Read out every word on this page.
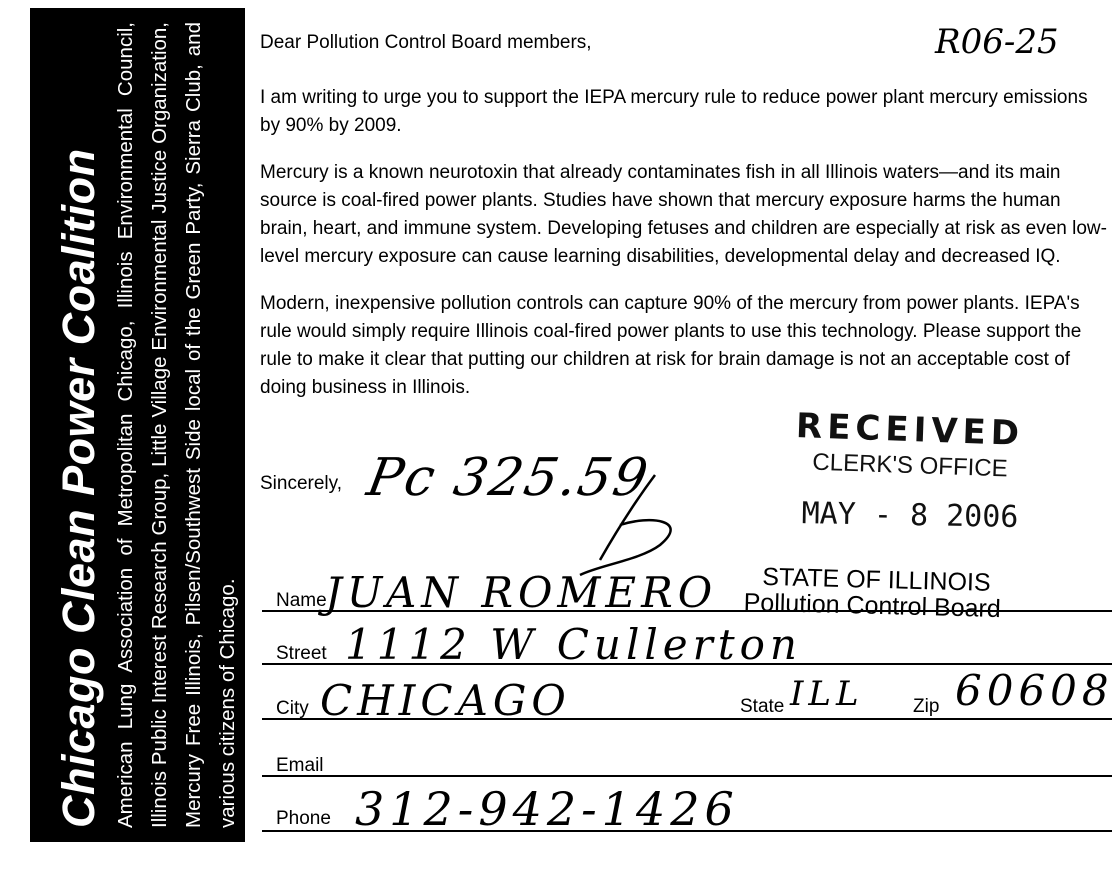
Chicago Clean Power Coalition American Lung Association of Metropolitan Chicago, Illinois Environmental Council, Illinois Public Interest Research Group, Little Village Environmental Justice Organization, Mercury Free Illinois, Pilsen/Southwest Side local of the Green Party, Sierra Club, and various citizens of Chicago.
R06-25
Dear Pollution Control Board members,

I am writing to urge you to support the IEPA mercury rule to reduce power plant mercury emissions by 90% by 2009.

Mercury is a known neurotoxin that already contaminates fish in all Illinois waters—and its main source is coal-fired power plants. Studies have shown that mercury exposure harms the human brain, heart, and immune system. Developing fetuses and children are especially at risk as even low-level mercury exposure can cause learning disabilities, developmental delay and decreased IQ.

Modern, inexpensive pollution controls can capture 90% of the mercury from power plants. IEPA's rule would simply require Illinois coal-fired power plants to use this technology. Please support the rule to make it clear that putting our children at risk for brain damage is not an acceptable cost of doing business in Illinois.

Sincerely, Pc 325.59
RECEIVED
CLERK'S OFFICE
MAY - 8 2006
STATE OF ILLINOIS
Pollution Control Board
Name
JUAN ROMERO
Street 1112 W Cullerton
City CHICAGO	State ILL	Zip 60608
Email
Phone 312-942-1426
